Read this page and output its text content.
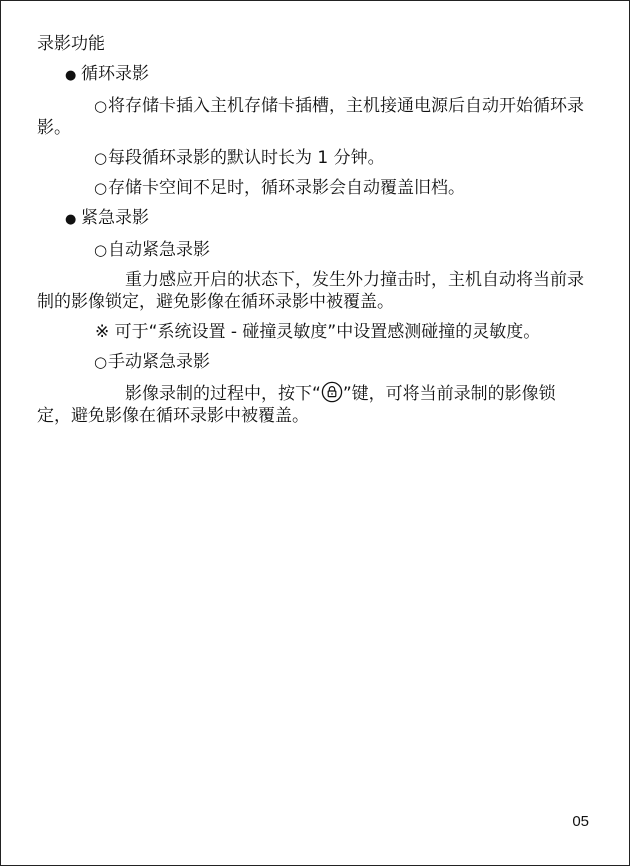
录影功能

● 循环录影

○将存储卡插入主机存储卡插槽，主机接通电源后自动开始循环录影。

○每段循环录影的默认时长为 1 分钟。

○存储卡空间不足时，循环录影会自动覆盖旧档。

● 紧急录影

○自动紧急录影

重力感应开启的状态下，发生外力撞击时，主机自动将当前录制的影像锁定，避免影像在循环录影中被覆盖。

※ 可于“系统设置 - 碰撞灵敏度”中设置感测碰撞的灵敏度。

○手动紧急录影

影像录制的过程中，按下“ ”键，可将当前录制的影像锁定，避免影像在循环录影中被覆盖。

05
